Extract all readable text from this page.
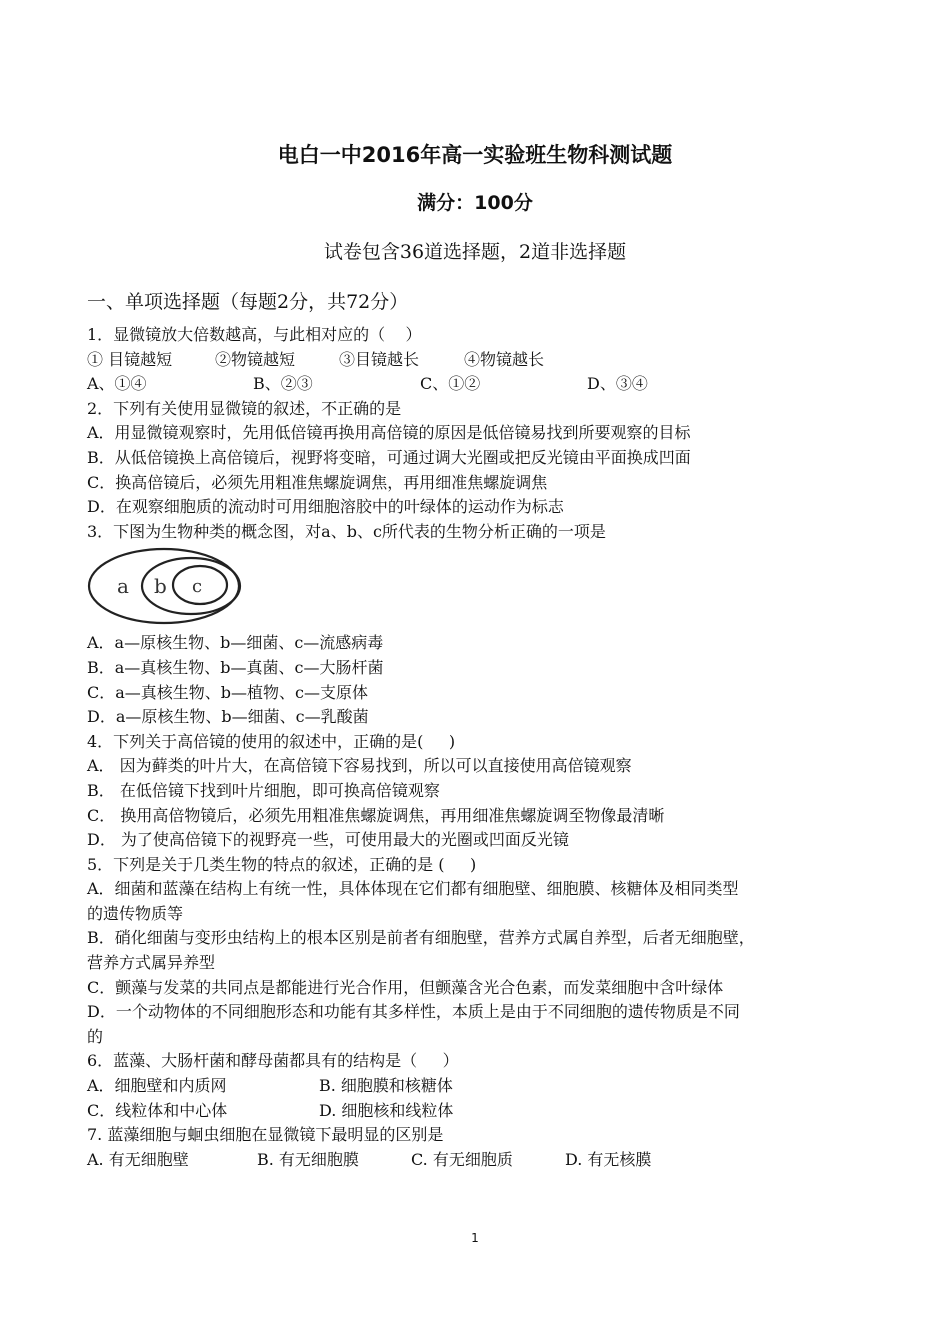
电白一中2016年高一实验班生物科测试题
满分：100分
试卷包含36道选择题，2道非选择题
一、单项选择题（每题2分，共72分）
1．显微镜放大倍数越高，与此相对应的（    ）

① 目镜越短

	②物镜越短

	③目镜越长

	④物镜越长

A、①④

	B、②③

	C、①②

	D、③④

2．下列有关使用显微镜的叙述，不正确的是
A．用显微镜观察时，先用低倍镜再换用高倍镜的原因是低倍镜易找到所要观察的目标
B．从低倍镜换上高倍镜后，视野将变暗，可通过调大光圈或把反光镜由平面换成凹面
C．换高倍镜后，必须先用粗准焦螺旋调焦，再用细准焦螺旋调焦
D．在观察细胞质的流动时可用细胞溶胶中的叶绿体的运动作为标志
3．下图为生物种类的概念图，对a、b、c所代表的生物分析正确的一项是
a b c
A．a—原核生物、b—细菌、c—流感病毒
B．a—真核生物、b—真菌、c—大肠杆菌
C．a—真核生物、b—植物、c—支原体
D．a—原核生物、b—细菌、c—乳酸菌
4．下列关于高倍镜的使用的叙述中，正确的是(     )
A． 因为藓类的叶片大，在高倍镜下容易找到，所以可以直接使用高倍镜观察
B． 在低倍镜下找到叶片细胞，即可换高倍镜观察
C． 换用高倍物镜后，必须先用粗准焦螺旋调焦，再用细准焦螺旋调至物像最清晰
D． 为了使高倍镜下的视野亮一些，可使用最大的光圈或凹面反光镜
5．下列是关于几类生物的特点的叙述，正确的是 (     )
A．细菌和蓝藻在结构上有统一性，具体体现在它们都有细胞壁、细胞膜、核糖体及相同类型
的遗传物质等
B．硝化细菌与变形虫结构上的根本区别是前者有细胞壁，营养方式属自养型，后者无细胞壁，
营养方式属异养型
C．颤藻与发菜的共同点是都能进行光合作用，但颤藻含光合色素，而发菜细胞中含叶绿体
D．一个动物体的不同细胞形态和功能有其多样性，本质上是由于不同细胞的遗传物质是不同
的
6．蓝藻、大肠杆菌和酵母菌都具有的结构是（     ）

A．细胞壁和内质网

	B. 细胞膜和核糖体

C．线粒体和中心体

	D. 细胞核和线粒体

7. 蓝藻细胞与蛔虫细胞在显微镜下最明显的区别是

A. 有无细胞壁

	B. 有无细胞膜

	C. 有无细胞质

	D. 有无核膜

1
